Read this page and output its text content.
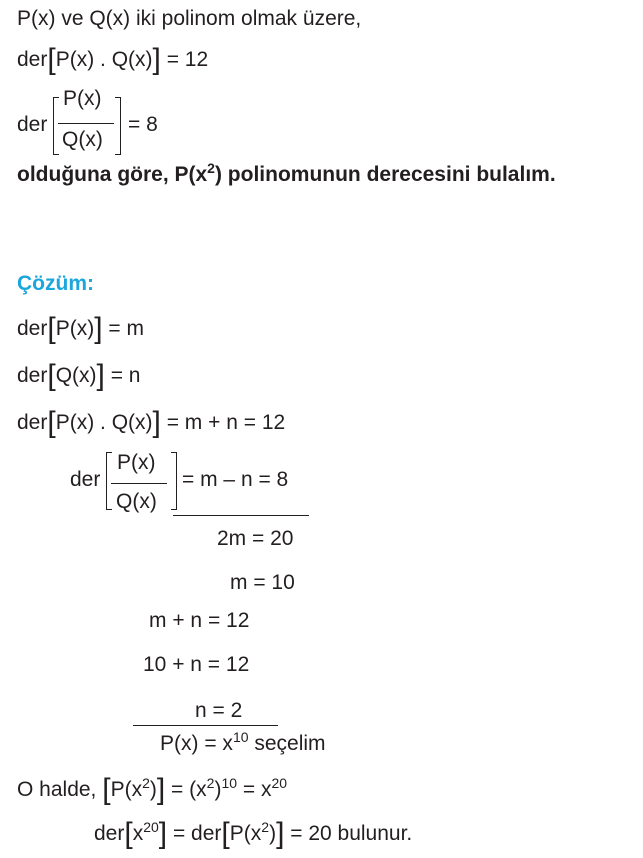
P(x) ve Q(x) iki polinom olmak üzere,
der[P(x) . Q(x)] = 12
der
P(x)
Q(x)
= 8
olduğuna göre, $P(x^2)$ polinomunun derecesini bulalım.
Çözüm:
der[P(x)] = m
der[Q(x)] = n
der[P(x) . Q(x)] = m + n = 12
der
P(x)
Q(x)
= m – n = 8
2m = 20
m = 10
m + n = 12
10 + n = 12
n = 2
$P(x) = x^{10}$ seçelim
O halde, $[P(x^2)] = (x^2)^{10} = x^{20}$
$der[x^{20}] = der[P(x^2)] = 20$ bulunur.
